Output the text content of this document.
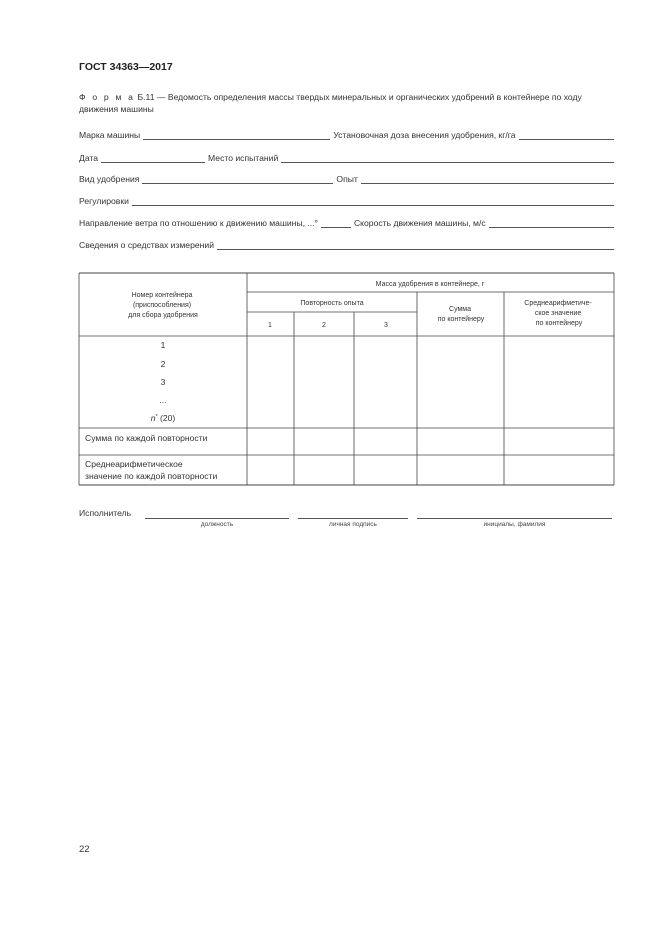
ГОСТ 34363—2017
Ф о р м а Б.11 — Ведомость определения массы твердых минеральных и органических удобрений в контейнере по ходу движения машины
Марка машины	Установочная доза внесения удобрения, кг/га
Дата	Место испытаний
Вид удобрения	Опыт
Регулировки
Направление ветра по отношению к движению машины, ...°	Скорость движения машины, м/с
Сведения о средствах измерений
Номер контейнера (приспособления) для сбора удобрения
Масса удобрения в контейнере, г
Повторность опыта
1	2	3
Сумма по контейнеру
Среднеарифметиче- ское значение по контейнеру
1
2
3
...
n* (20)
Сумма по каждой повторности
Среднеарифметическое значение по каждой повторности
Исполнитель
должность	личная подпись	инициалы, фамилия
22
